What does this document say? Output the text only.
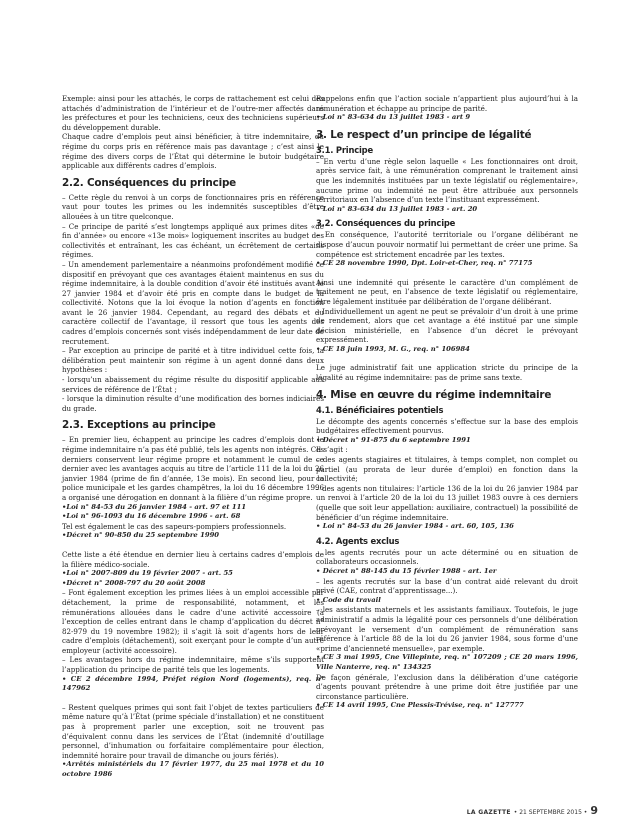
Exemple: ainsi pour les attachés, le corps de rattachement est celui des attachés d’administration de l’intérieur et de l’outre-mer affectés dans les préfectures et pour les techniciens, ceux des techniciens supérieurs du développement durable.

Chaque cadre d’emplois peut ainsi bénéficier, à titre indemnitaire, du régime du corps pris en référence mais pas davantage ; c’est ainsi le régime des divers corps de l’État qui détermine le butoir budgétaire applicable aux différents cadres d’emplois.

2.2. Conséquences du principe

– Cette règle du renvoi à un corps de fonctionnaires pris en référence vaut pour toutes les primes ou les indemnités susceptibles d’être allouées à un titre quelconque.

– Ce principe de parité s’est longtemps appliqué aux primes dites «de fin d’année» ou encore «13e mois» logiquement inscrites au budget des collectivités et entraînant, les cas échéant, un écrêtement de certains régimes.

– Un amendement parlementaire a néanmoins profondément modifié ce dispositif en prévoyant que ces avantages étaient maintenus en sus du régime indemnitaire, à la double condition d’avoir été institués avant le 27 janvier 1984 et d’avoir été pris en compte dans le budget de la collectivité. Notons que la loi évoque la notion d’agents en fonction avant le 26 janvier 1984. Cependant, au regard des débats et du caractère collectif de l’avantage, il ressort que tous les agents des cadres d’emplois concernés sont visés indépendamment de leur date de recrutement.

– Par exception au principe de parité et à titre individuel cette fois, la délibération peut maintenir son régime à un agent donné dans deux hypothèses :

- lorsqu’un abaissement du régime résulte du dispositif applicable aux services de référence de l’État ;

- lorsque la diminution résulte d’une modification des bornes indiciaires du grade.

2.3. Exceptions au principe

– En premier lieu, échappent au principe les cadres d’emplois dont le régime indemnitaire n’a pas été publié, tels les agents non intégrés. Ces derniers conservent leur régime propre et notamment le cumul de ce dernier avec les avantages acquis au titre de l’article 111 de la loi du 26 janvier 1984 (prime de fin d’année, 13e mois). En second lieu, pour la police municipale et les gardes champêtres, la loi du 16 décembre 1996 a organisé une dérogation en donnant à la filière d’un régime propre.

•Loi n° 84-53 du 26 janvier 1984 - art. 97 et 111

•Loi n° 96-1093 du 16 décembre 1996 - art. 68

Tel est également le cas des sapeurs-pompiers professionnels.

•Décret n° 90-850 du 25 septembre 1990

Cette liste a été étendue en dernier lieu à certains cadres d’emplois de la filière médico-sociale.

•Loi n° 2007-809 du 19 février 2007 - art. 55

•Décret n° 2008-797 du 20 août 2008

– Font également exception les primes liées à un emploi accessible par détachement, la prime de responsabilité, notamment, et les rémunérations allouées dans le cadre d’une activité accessoire (à l’exception de celles entrant dans le champ d’application du décret n° 82-979 du 19 novembre 1982); il s’agit là soit d’agents hors de leur cadre d’emplois (détachement), soit exerçant pour le compte d’un autre employeur (activité accessoire).

– Les avantages hors du régime indemnitaire, même s’ils supportent l’application du principe de parité tels que les logements.

• CE 2 décembre 1994, Préfet région Nord (logements), req. n° 147962

– Restent quelques primes qui sont fait l’objet de textes particuliers de même nature qu’à l’État (prime spéciale d’installation) et ne constituent pas à proprement parler une exception, soit ne trouvent pas d’équivalent connu dans les services de l’État (indemnité d’outillage personnel, d’inhumation ou forfaitaire complémentaire pour élection, indemnité horaire pour travail de dimanche ou jours fériés).

•Arrêtés ministériels du 17 février 1977, du 25 mai 1978 et du 10 octobre 1986

Rappelons enfin que l’action sociale n’appartient plus aujourd’hui à la rémunération et échappe au principe de parité.

• Loi n° 83-634 du 13 juillet 1983 - art 9

3. Le respect d’un principe de légalité
3.1. Principe

– En vertu d’une règle selon laquelle « Les fonctionnaires ont droit, après service fait, à une rémunération comprenant le traitement ainsi que les indemnités instituées par un texte législatif ou réglementaire», aucune prime ou indemnité ne peut être attribuée aux personnels territoriaux en l’absence d’un texte l’instituant expressément.

• Loi n° 83-634 du 13 juillet 1983 - art. 20

3.2. Conséquences du principe

– En conséquence, l’autorité territoriale ou l’organe délibérant ne dispose d’aucun pouvoir normatif lui permettant de créer une prime. Sa compétence est strictement encadrée par les textes.

• CE 28 novembre 1990, Dpt. Loir-et-Cher, req. n° 77175

Ainsi une indemnité qui présente le caractère d’un complément de traitement ne peut, en l’absence de texte législatif ou réglementaire, être légalement instituée par délibération de l’organe délibérant.

– Individuellement un agent ne peut se prévaloir d’un droit à une prime de rendement, alors que cet avantage a été institué par une simple décision ministérielle, en l’absence d’un décret le prévoyant expressément.

• CE 18 juin 1993, M. G., req. n° 106984

Le juge administratif fait une application stricte du principe de la légalité au régime indemnitaire: pas de prime sans texte.

4. Mise en œuvre du régime indemnitaire
4.1. Bénéficiaires potentiels

Le décompte des agents concernés s’effectue sur la base des emplois budgétaires effectivement pourvus.

• Décret n° 91-875 du 6 septembre 1991

Il s’agit :

– des agents stagiaires et titulaires, à temps complet, non complet ou partiel (au prorata de leur durée d’emploi) en fonction dans la collectivité;

– des agents non titulaires: l’article 136 de la loi du 26 janvier 1984 par un renvoi à l’article 20 de la loi du 13 juillet 1983 ouvre à ces derniers (quelle que soit leur appellation: auxiliaire, contractuel) la possibilité de bénéficier d’un régime indemnitaire.

• Loi n° 84-53 du 26 janvier 1984 - art. 60, 105, 136

4.2. Agents exclus

– les agents recrutés pour un acte déterminé ou en situation de collaborateurs occasionnels.

• Décret n° 88-145 du 15 février 1988 - art. 1er

– les agents recrutés sur la base d’un contrat aidé relevant du droit privé (CAE, contrat d’apprentissage...).

• Code du travail

– les assistants maternels et les assistants familiaux. Toutefois, le juge administratif a admis la légalité pour ces personnels d’une délibération prévoyant le versement d’un complément de rémunération sans référence à l’article 88 de la loi du 26 janvier 1984, sous forme d’une «prime d’ancienneté mensuelle», par exemple.

• CE 3 mai 1995, Cne Villepinte, req. n° 107209 ; CE 20 mars 1996, Ville Nanterre, req. n° 134325

De façon générale, l’exclusion dans la délibération d’une catégorie d’agents pouvant prétendre à une prime doit être justifiée par une circonstance particulière.

• CE 14 avril 1995, Cne Plessis-Trévise, req. n° 127777

LA GAZETTE • 21 SEPTEMBRE 2015 • 9
